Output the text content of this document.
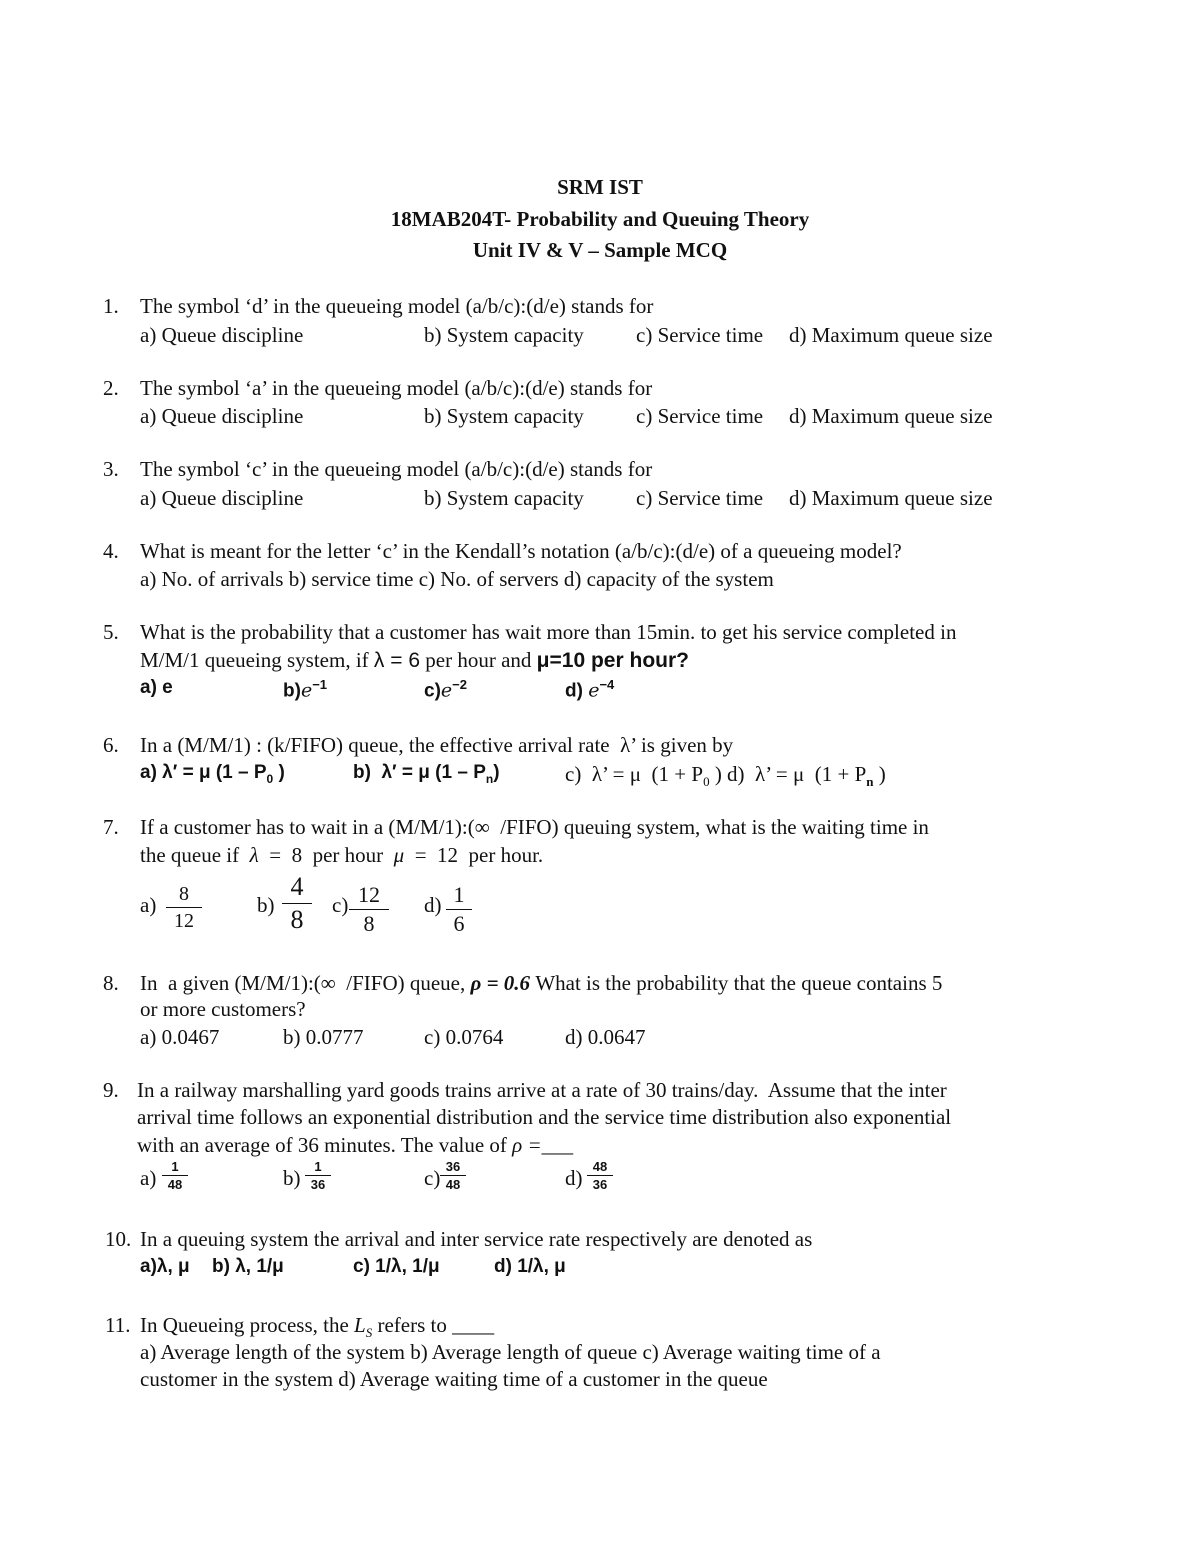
SRM IST
18MAB204T- Probability and Queuing Theory
Unit IV & V – Sample MCQ
1. The symbol ‘d’ in the queueing model (a/b/c):(d/e) stands for
a) Queue discipline	b) System capacity c) Service time d) Maximum queue size
2. The symbol ‘a’ in the queueing model (a/b/c):(d/e) stands for
a) Queue discipline	b) System capacity c) Service time d) Maximum queue size
3. The symbol ‘c’ in the queueing model (a/b/c):(d/e) stands for
a) Queue discipline	b) System capacity c) Service time d) Maximum queue size
4. What is meant for the letter ‘c’ in the Kendall’s notation (a/b/c):(d/e) of a queueing model?
a) No. of arrivals b) service time c) No. of servers d) capacity of the system
5. What is the probability that a customer has wait more than 15min. to get his service completed in
M/M/1 queueing system, if λ = 6 per hour and μ=10 per hour?
a) e	$b)e^{-1}$	$c)e^{-2}$	d) $e^{-4}$
6. In a (M/M/1) : (k/FIFO) queue, the effective arrival rate  λ’ is given by
a) λ′ = μ ($1 - P_0$ )	b)  λ′ = μ $(1 - P_n)$	c)  λ’ = μ  ($1 + P_0$ ) d)  λ’ = μ  ($1 + P_n$ )
7. If a customer has to wait in a (M/M/1):(∞  /FIFO) queuing system, what is the waiting time in
the queue if  λ  =  8  per hour  μ  =  12  per hour.
a)	8
12
b)
4
8	c) 12
8
d) 1
6
8. In  a given (M/M/1):(∞  /FIFO) queue, ρ = 0.6 What is the probability that the queue contains 5
or more customers?
a) 0.0467	b) 0.0777	c) 0.0764	d) 0.0647
9. In a railway marshalling yard goods trains arrive at a rate of 30 trains/day.  Assume that the inter
arrival time follows an exponential distribution and the service time distribution also exponential
with an average of 36 minutes. The value of ρ =___
a)	1
48	b)	1
36	c) 36
48	d) 48
36
10. In a queuing system the arrival and inter service rate respectively are denoted as
a)λ, μ b) λ, 1/μ	c) 1/λ, 1/μ	d) 1/λ, μ
11. In Queueing process, the $L_S$ refers to ____
a) Average length of the system b) Average length of queue c) Average waiting time of a
customer in the system d) Average waiting time of a customer in the queue
